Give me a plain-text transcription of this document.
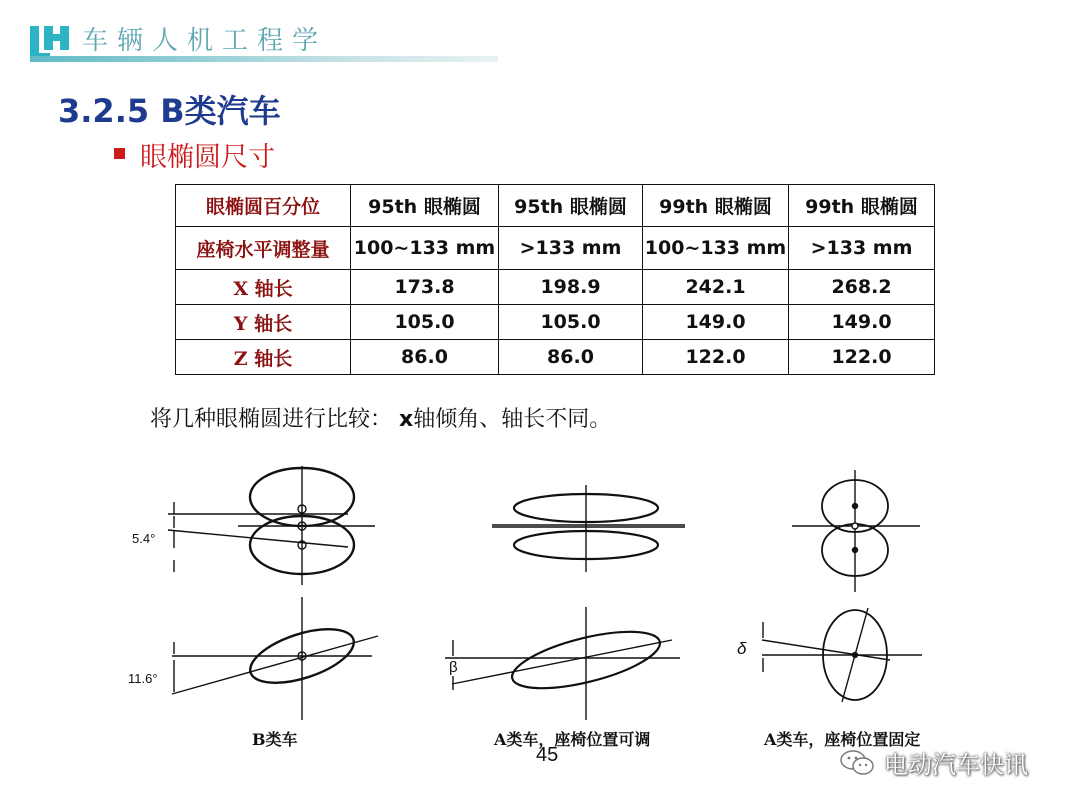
车辆人机工程学
3.2.5 B类汽车
眼椭圆尺寸
眼椭圆百分位	95th 眼椭圆	95th 眼椭圆	99th 眼椭圆	99th 眼椭圆
座椅水平调整量	100~133 mm	>133 mm	100~133 mm	>133 mm
X 轴长	173.8	198.9	242.1	268.2
Y 轴长	105.0	105.0	149.0	149.0
Z 轴长	86.0	86.0	122.0	122.0
将几种眼椭圆进行比较： x轴倾角、轴长不同。
5.4°
11.6°
β
δ
B类车	A类车，座椅位置可调	A类车，座椅位置固定
45	电动汽车快讯
